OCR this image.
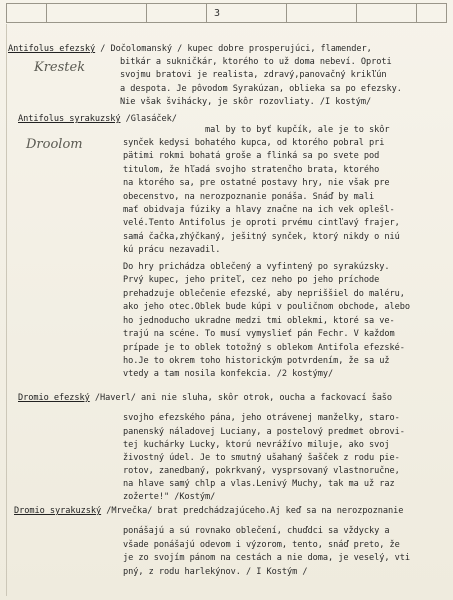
3
Antifolus efezský / Dočolomanský / kupec dobre prosperujúci, flamender,
bitkár a sukničkár, ktorého to už doma nebeví. Oproti
svojmu bratovi je realista, zdravý,panovačný krikľún
a despota. Je pôvodom Syrakúzan, oblieka sa po efezsky.
Nie však švihácky, je skôr rozovliaty. /I kostým/
Krestek
Antifolus syrakuzský /Glasáček/
mal by to byť kupčík, ale je to skôr
synček kedysi bohatého kupca, od ktorého pobral pri
pätimi rokmi bohatá groše a flinká sa po svete pod
titulom, že hľadá svojho stratenčho brata, ktorého
na ktorého sa, pre ostatné postavy hry, nie však pre
obecenstvo, na nerozpoznanie ponáša. Snáď by mali
mať obidvaja fúziky a hlavy značne na ich vek oplešl-
velé.Tento Antifolus je oproti prvému cintľavý frajer,
samá čačka,zhýčkaný, ješitný synček, ktorý nikdy o niú
kú prácu nezavadil.
Do hry prichádza oblečený a vyfintený po syrakúzsky.
Prvý kupec, jeho priteľ, cez neho po jeho príchode
prehadzuje oblečenie efezské, aby nepriššiel do maléru,
ako jeho otec.Oblek bude kúpi v pouličnom obchode, alebo
ho jednoducho ukradne medzi tmi oblekmi, ktoré sa ve-
trajú na scéne. To musí vymyslieť pán Fechr. V každom
prípade je to oblek totožný s oblekom Antifola efezské-
ho.Je to okrem toho historickým potvrdením, že sa už
vtedy a tam nosila konfekcia. /2 kostýmy/
Droolom
Dromio efezský /Haverl/ ani nie sluha, skôr otrok, oucha a fackovací šašo
svojho efezského pána, jeho otrávenej manželky, staro-
panenský náladovej Luciany, a postelový predmet obrovi-
tej kuchárky Lucky, ktorú nevrážívo miluje, ako svoj
živostný údel. Je to smutný ušahaný šašček z rodu pie-
rotov, zanedbaný, pokrkvaný, vysprsovaný vlastnoručne,
na hlave samý chlp a vlas.Lenivý Muchy, tak ma už raz
zožerte!" /Kostým/
Dromio syrakuzský /Mrvečka/ brat predchádzajúceho.Aj keď sa na nerozpoznanie
ponášajú a sú rovnako oblečení, chuďdci sa vždycky a
všade ponášajú odevom i výzorom, tento, snáď preto, že
je zo svojím pánom na cestách a nie doma, je veselý, vti
pný, z rodu harlekýnov. / I Kostým /
